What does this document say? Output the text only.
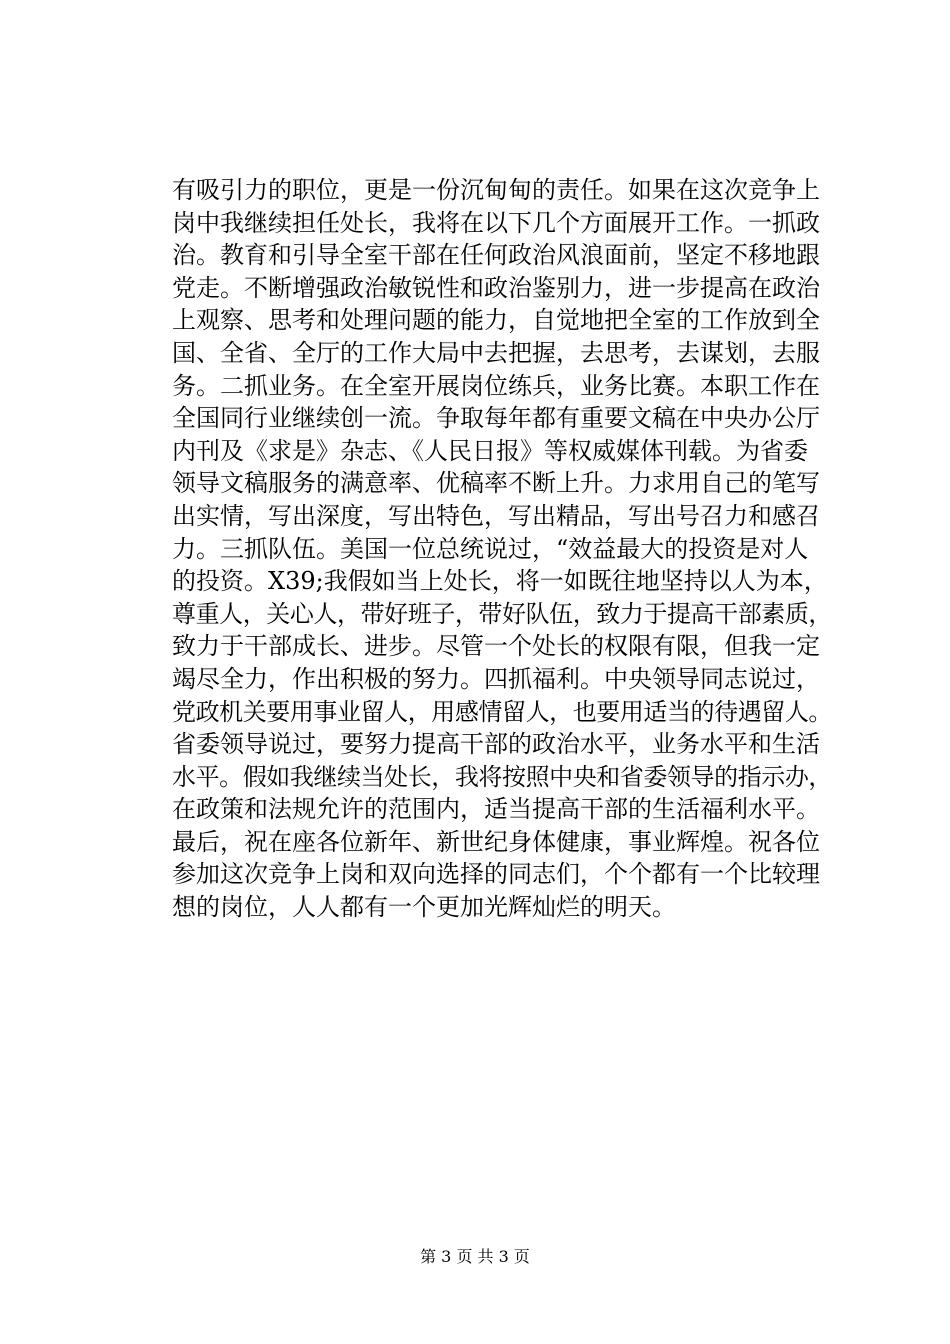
有吸引力的职位，更是一份沉甸甸的责任。如果在这次竞争上
岗中我继续担任处长，我将在以下几个方面展开工作。一抓政
治。教育和引导全室干部在任何政治风浪面前，坚定不移地跟
党走。不断增强政治敏锐性和政治鉴别力，进一步提高在政治
上观察、思考和处理问题的能力，自觉地把全室的工作放到全
国、全省、全厅的工作大局中去把握，去思考，去谋划，去服
务。二抓业务。在全室开展岗位练兵，业务比赛。本职工作在
全国同行业继续创一流。争取每年都有重要文稿在中央办公厅
内刊及《求是》杂志、《人民日报》等权威媒体刊载。为省委
领导文稿服务的满意率、优稿率不断上升。力求用自己的笔写
出实情，写出深度，写出特色，写出精品，写出号召力和感召
力。三抓队伍。美国一位总统说过，“效益最大的投资是对人
的投资。X39;我假如当上处长，将一如既往地坚持以人为本，
尊重人，关心人，带好班子，带好队伍，致力于提高干部素质，
致力于干部成长、进步。尽管一个处长的权限有限，但我一定
竭尽全力，作出积极的努力。四抓福利。中央领导同志说过，
党政机关要用事业留人，用感情留人，也要用适当的待遇留人。
省委领导说过，要努力提高干部的政治水平，业务水平和生活
水平。假如我继续当处长，我将按照中央和省委领导的指示办，
在政策和法规允许的范围内，适当提高干部的生活福利水平。
最后，祝在座各位新年、新世纪身体健康，事业辉煌。祝各位
参加这次竞争上岗和双向选择的同志们，个个都有一个比较理
想的岗位，人人都有一个更加光辉灿烂的明天。
第 3 页 共 3 页
